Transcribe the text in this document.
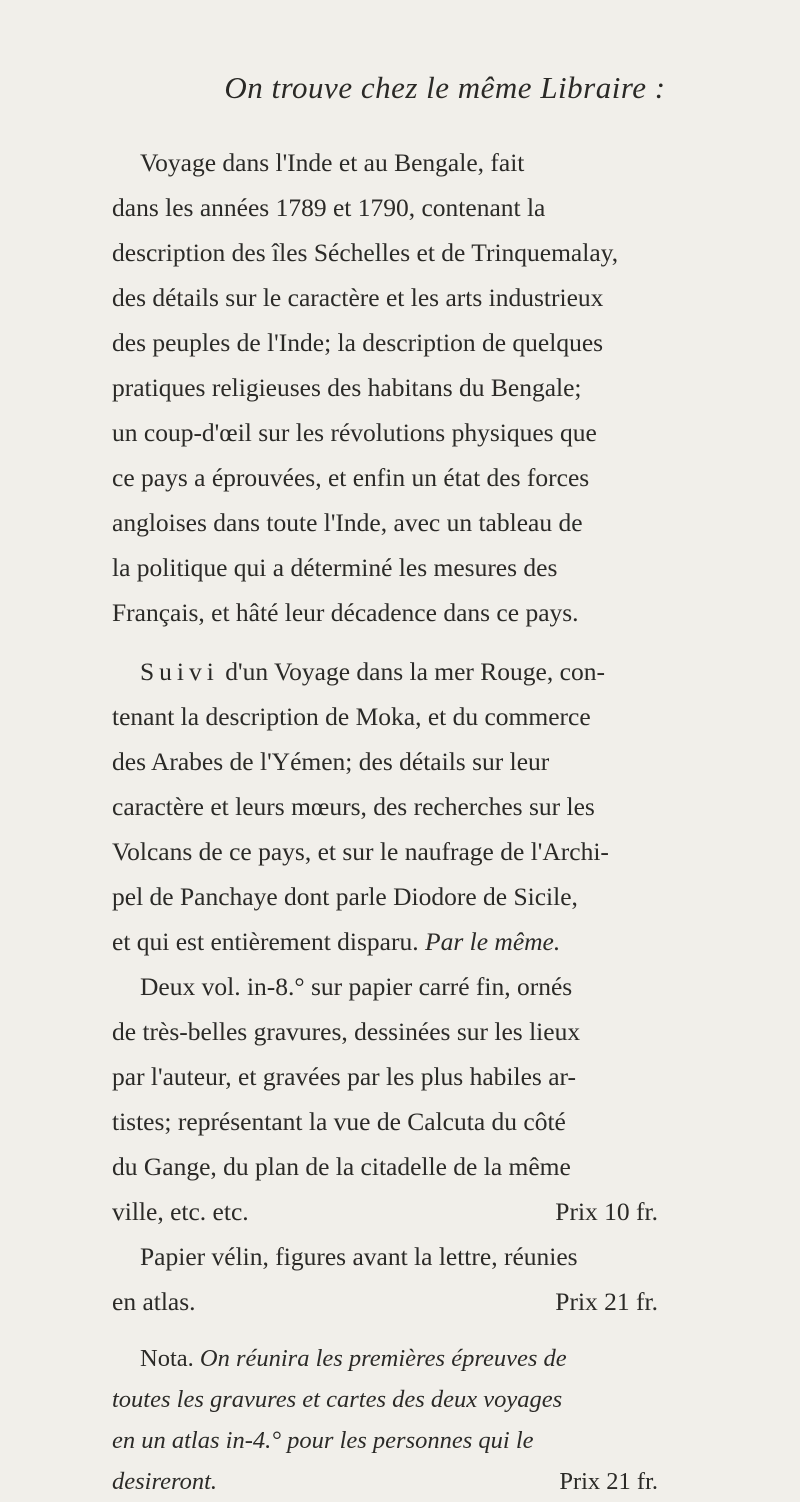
On trouve chez le même Libraire :
Voyage dans l'Inde et au Bengale, fait
dans les années 1789 et 1790, contenant la
description des îles Séchelles et de Trinquemalay,
des détails sur le caractère et les arts industrieux
des peuples de l'Inde; la description de quelques
pratiques religieuses des habitans du Bengale;
un coup-d'œil sur les révolutions physiques que
ce pays a éprouvées, et enfin un état des forces
angloises dans toute l'Inde, avec un tableau de
la politique qui a déterminé les mesures des
Français, et hâté leur décadence dans ce pays.
Suivi d'un Voyage dans la mer Rouge, con-
tenant la description de Moka, et du commerce
des Arabes de l'Yémen; des détails sur leur
caractère et leurs mœurs, des recherches sur les
Volcans de ce pays, et sur le naufrage de l'Archi-
pel de Panchaye dont parle Diodore de Sicile,
et qui est entièrement disparu. Par le même.
Deux vol. in-8.° sur papier carré fin, ornés
de très-belles gravures, dessinées sur les lieux
par l'auteur, et gravées par les plus habiles ar-
tistes; représentant la vue de Calcuta du côté
du Gange, du plan de la citadelle de la même
ville, etc. etc.	Prix 10 fr.
Papier vélin, figures avant la lettre, réunies
en atlas.	Prix 21 fr.
Nota. On réunira les premières épreuves de
toutes les gravures et cartes des deux voyages
en un atlas in-4.° pour les personnes qui le
desireront.	Prix 21 fr.
